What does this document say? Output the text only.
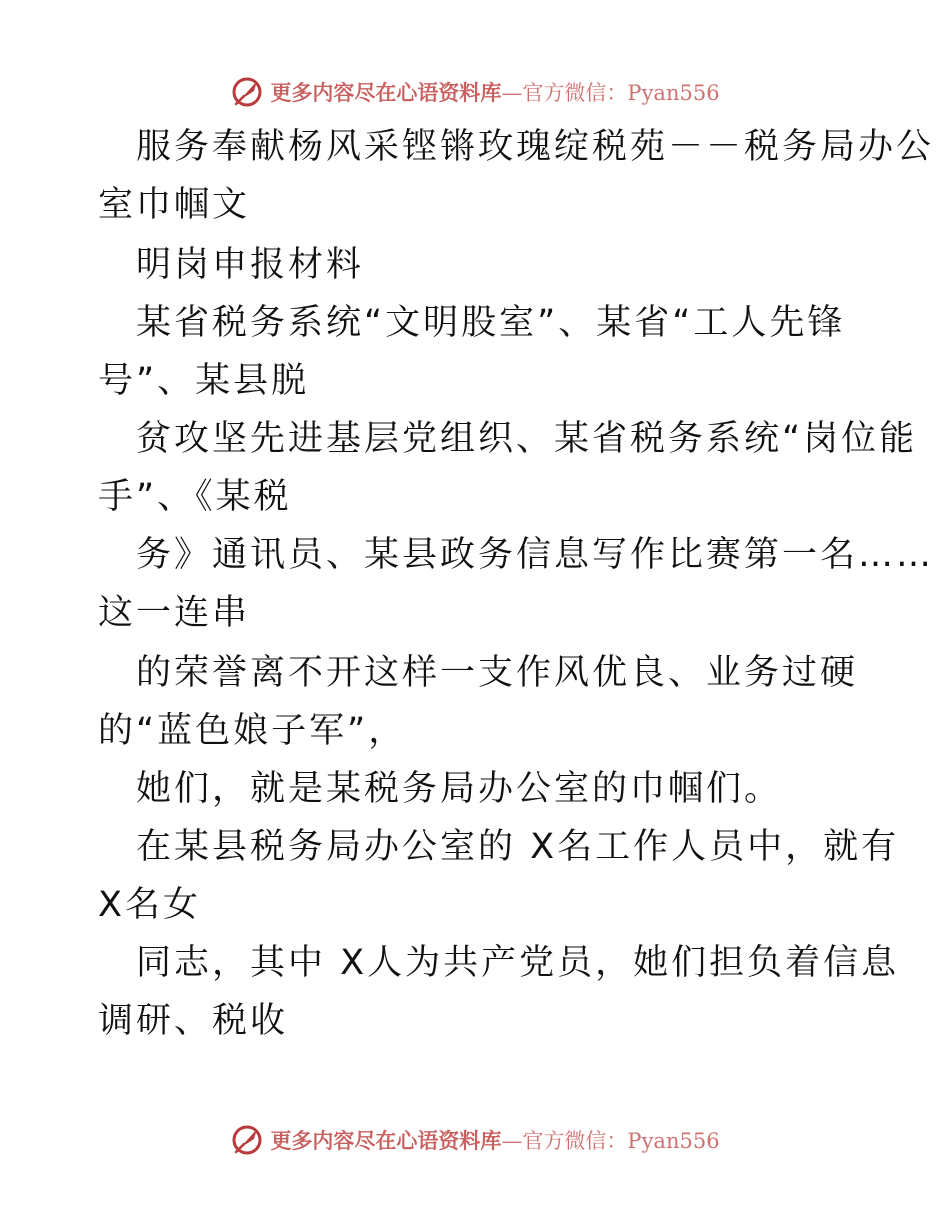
更多内容尽在心语资料库—官方微信：Pyan556
服务奉献杨风采铿锵玫瑰绽税苑－－税务局办公
室巾帼文
明岗申报材料
某省税务系统“文明股室”、某省“工人先锋
号”、某县脱
贫攻坚先进基层党组织、某省税务系统“岗位能
手”、《某税
务》通讯员、某县政务信息写作比赛第一名……
这一连串
的荣誉离不开这样一支作风优良、业务过硬
的“蓝色娘子军”，
她们，就是某税务局办公室的巾帼们。
在某县税务局办公室的 X名工作人员中，就有
X名女
同志，其中 X人为共产党员，她们担负着信息
调研、税收
更多内容尽在心语资料库—官方微信：Pyan556
